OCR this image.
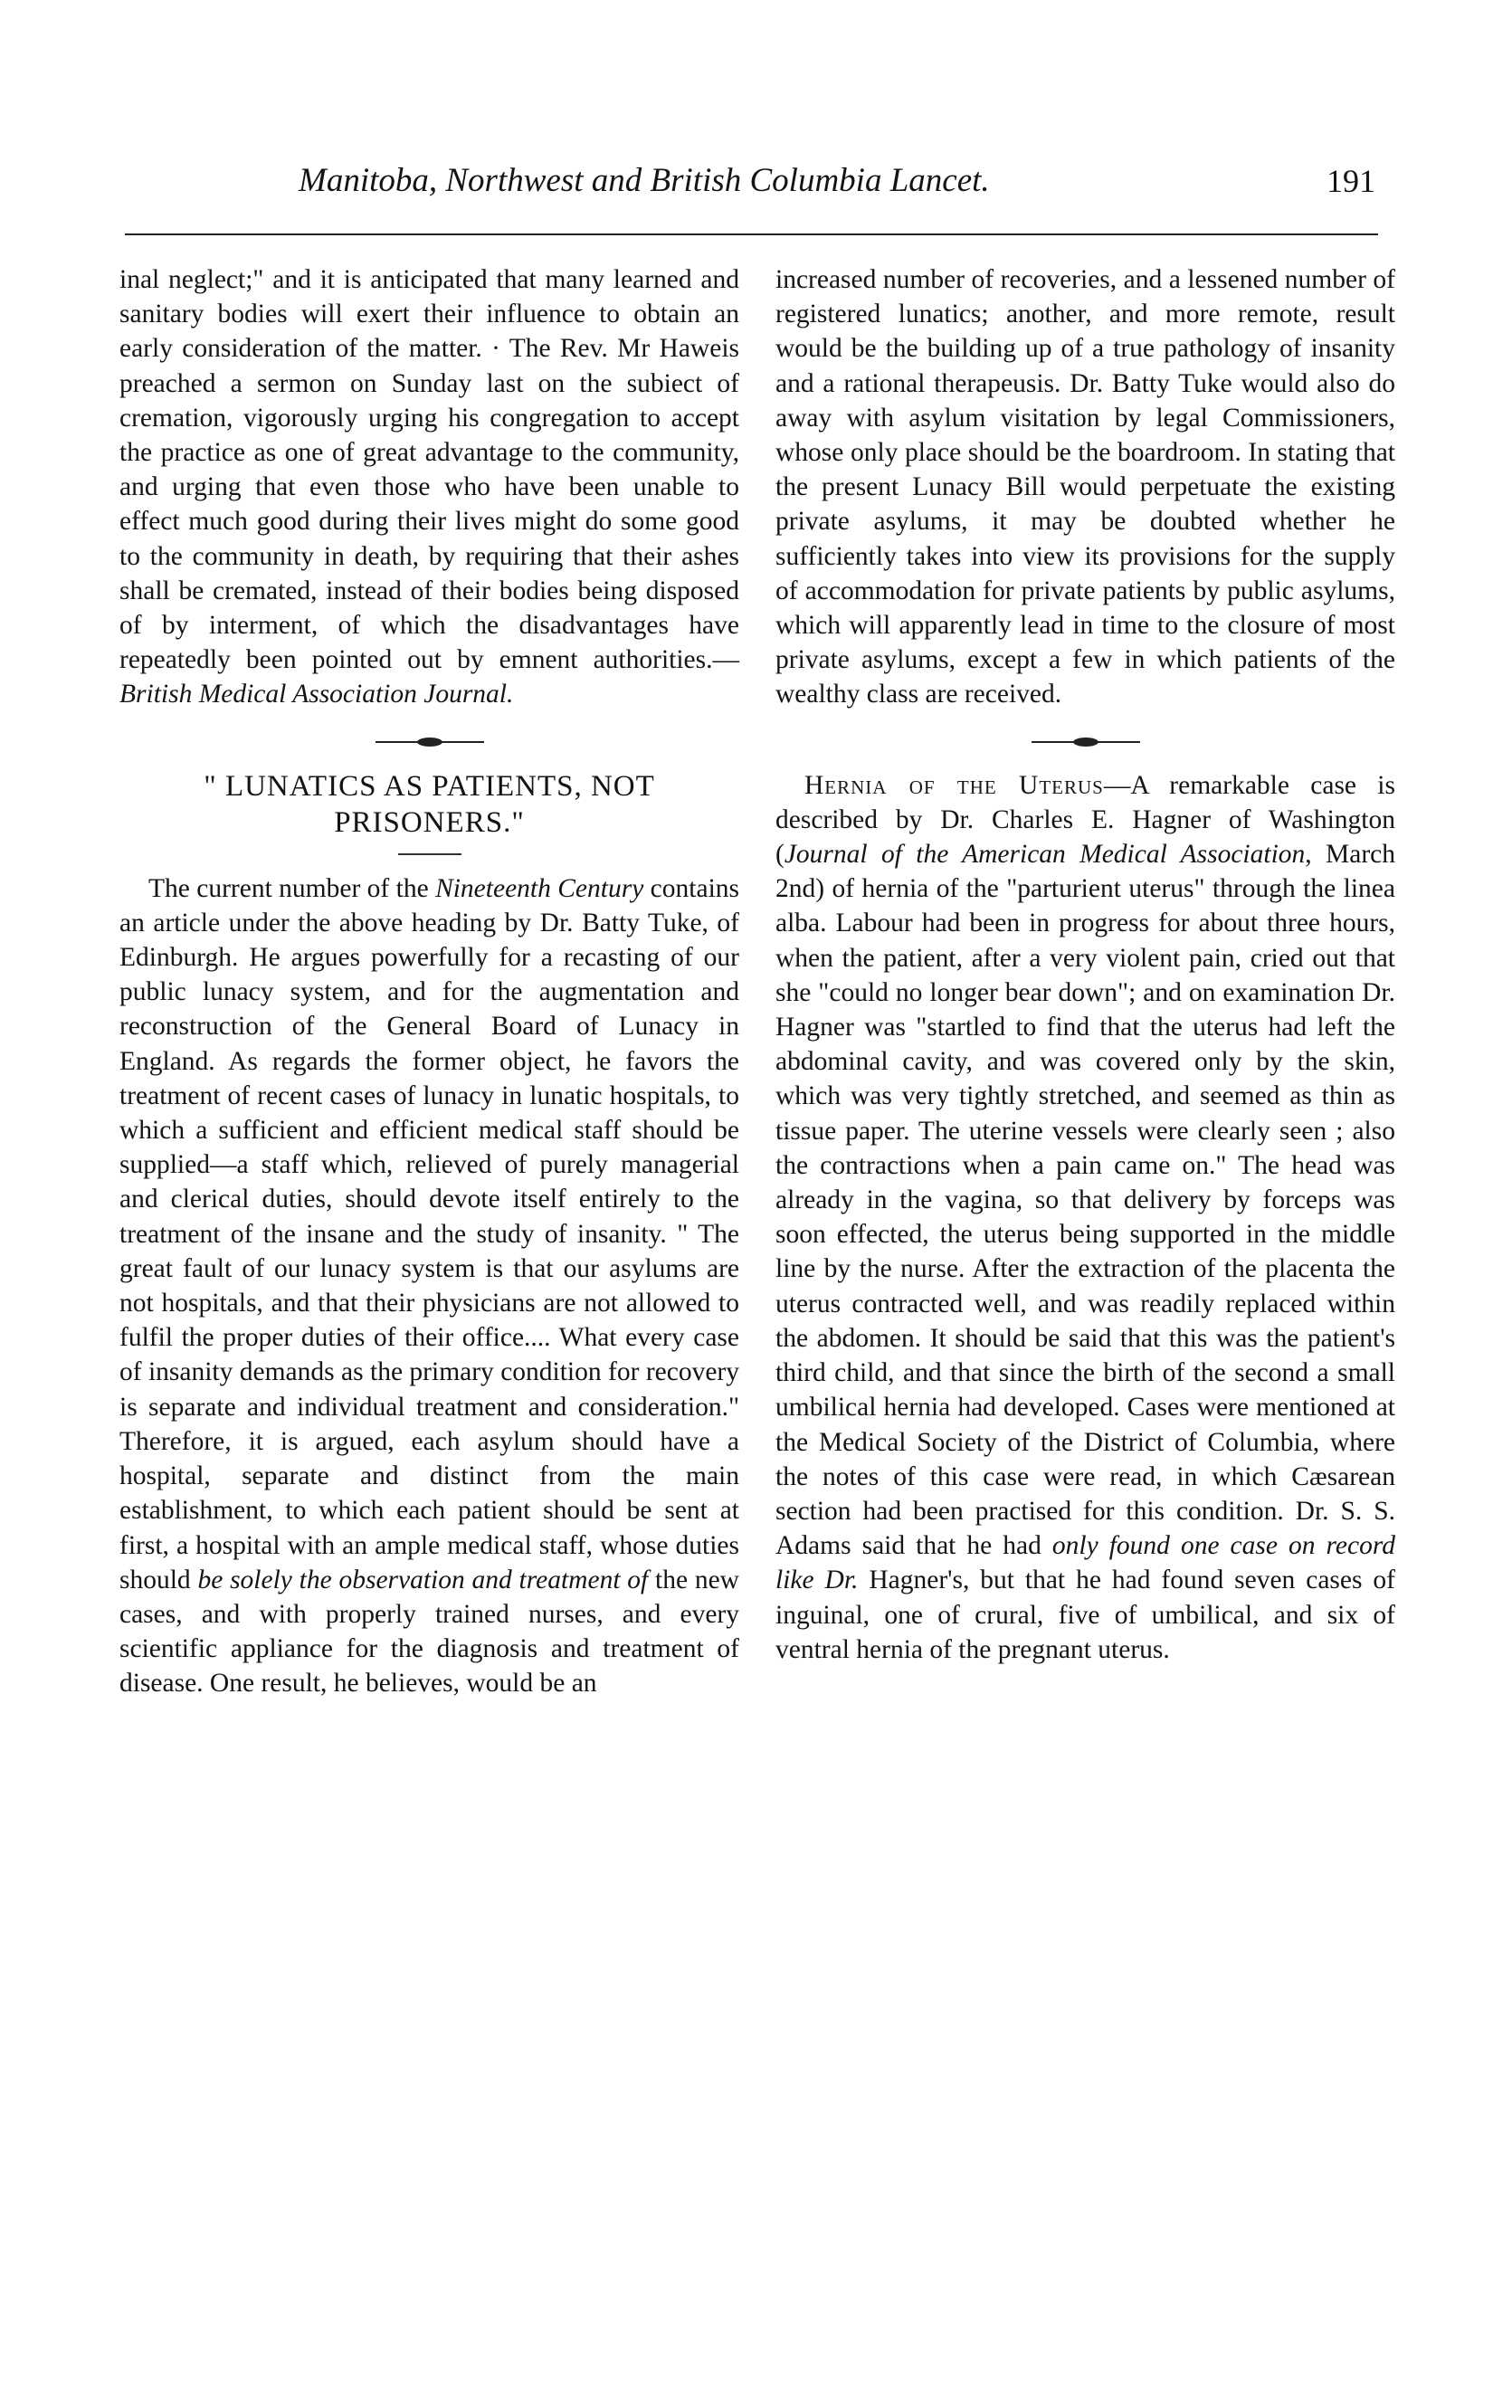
Manitoba, Northwest and British Columbia Lancet.	191

inal neglect;" and it is anticipated that many learned and sanitary bodies will exert their influence to obtain an early consideration of the matter. · The Rev. Mr Haweis preached a sermon on Sunday last on the subiect of cremation, vigorously urging his congregation to accept the practice as one of great advantage to the community, and urging that even those who have been unable to effect much good during their lives might do some good to the community in death, by requiring that their ashes shall be cremated, instead of their bodies being disposed of by interment, of which the disadvantages have repeatedly been pointed out by emnent authorities.—British Medical Association Journal.

" LUNATICS AS PATIENTS, NOT PRISONERS."

The current number of the Nineteenth Century contains an article under the above heading by Dr. Batty Tuke, of Edinburgh. He argues powerfully for a recasting of our public lunacy system, and for the augmentation and reconstruction of the General Board of Lunacy in England. As regards the former object, he favors the treatment of recent cases of lunacy in lunatic hospitals, to which a sufficient and efficient medical staff should be supplied—a staff which, relieved of purely managerial and clerical duties, should devote itself entirely to the treatment of the insane and the study of insanity. " The great fault of our lunacy system is that our asylums are not hospitals, and that their physicians are not allowed to fulfil the proper duties of their office.... What every case of insanity demands as the primary condition for recovery is separate and individual treatment and consideration." Therefore, it is argued, each asylum should have a hospital, separate and distinct from the main establishment, to which each patient should be sent at first, a hospital with an ample medical staff, whose duties should be solely the observation and treatment of the new cases, and with properly trained nurses, and every scientific appliance for the diagnosis and treatment of disease. One result, he believes, would be an

increased number of recoveries, and a lessened number of registered lunatics; another, and more remote, result would be the building up of a true pathology of insanity and a rational therapeusis. Dr. Batty Tuke would also do away with asylum visitation by legal Commissioners, whose only place should be the boardroom. In stating that the present Lunacy Bill would perpetuate the existing private asylums, it may be doubted whether he sufficiently takes into view its provisions for the supply of accommodation for private patients by public asylums, which will apparently lead in time to the closure of most private asylums, except a few in which patients of the wealthy class are received.

Hernia of the Uterus—A remarkable case is described by Dr. Charles E. Hagner of Washington (Journal of the American Medical Association, March 2nd) of hernia of the "parturient uterus" through the linea alba. Labour had been in progress for about three hours, when the patient, after a very violent pain, cried out that she "could no longer bear down"; and on examination Dr. Hagner was "startled to find that the uterus had left the abdominal cavity, and was covered only by the skin, which was very tightly stretched, and seemed as thin as tissue paper. The uterine vessels were clearly seen ; also the contractions when a pain came on." The head was already in the vagina, so that delivery by forceps was soon effected, the uterus being supported in the middle line by the nurse. After the extraction of the placenta the uterus contracted well, and was readily replaced within the abdomen. It should be said that this was the patient's third child, and that since the birth of the second a small umbilical hernia had developed. Cases were mentioned at the Medical Society of the District of Columbia, where the notes of this case were read, in which Cæsarean section had been practised for this condition. Dr. S. S. Adams said that he had only found one case on record like Dr. Hagner's, but that he had found seven cases of inguinal, one of crural, five of umbilical, and six of ventral hernia of the pregnant uterus.
